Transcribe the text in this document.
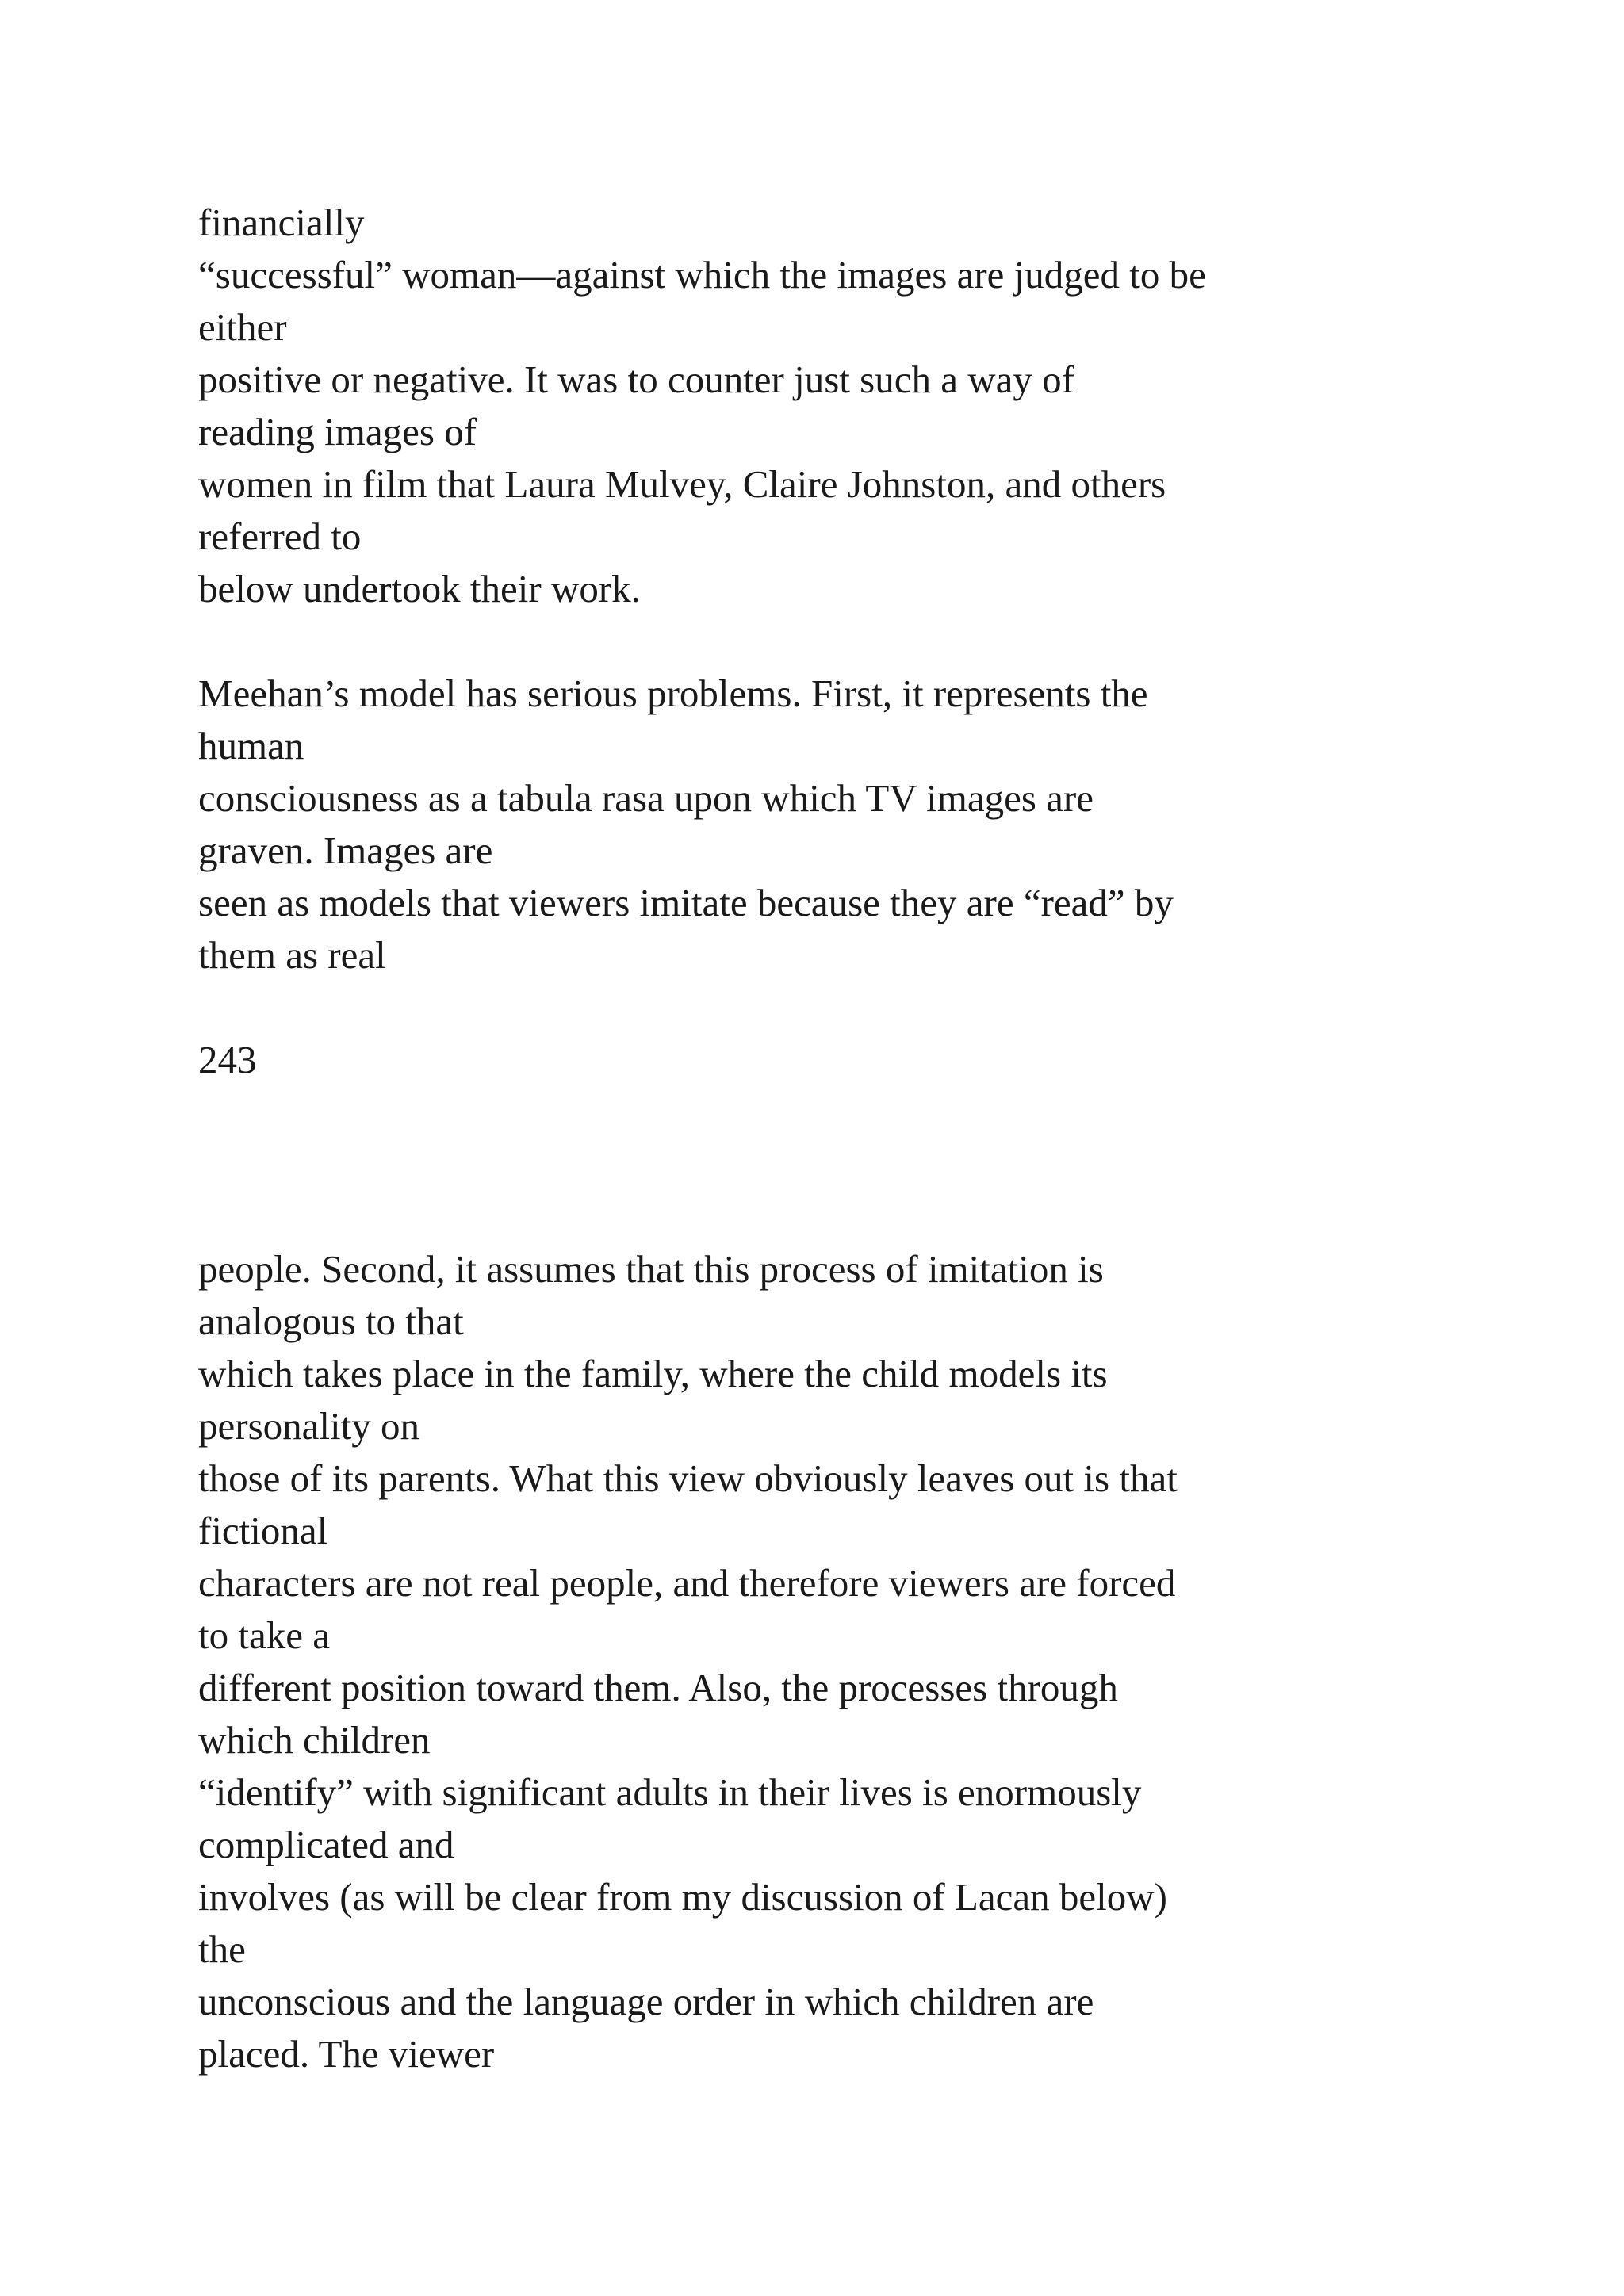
financially
“successful” woman—against which the images are judged to be
either
positive or negative. It was to counter just such a way of
reading images of
women in film that Laura Mulvey, Claire Johnston, and others
referred to
below undertook their work.
Meehan’s model has serious problems. First, it represents the
human
consciousness as a tabula rasa upon which TV images are
graven. Images are
seen as models that viewers imitate because they are “read” by
them as real
243
people. Second, it assumes that this process of imitation is
analogous to that
which takes place in the family, where the child models its
personality on
those of its parents. What this view obviously leaves out is that
fictional
characters are not real people, and therefore viewers are forced
to take a
different position toward them. Also, the processes through
which children
“identify” with significant adults in their lives is enormously
complicated and
involves (as will be clear from my discussion of Lacan below)
the
unconscious and the language order in which children are
placed. The viewer
